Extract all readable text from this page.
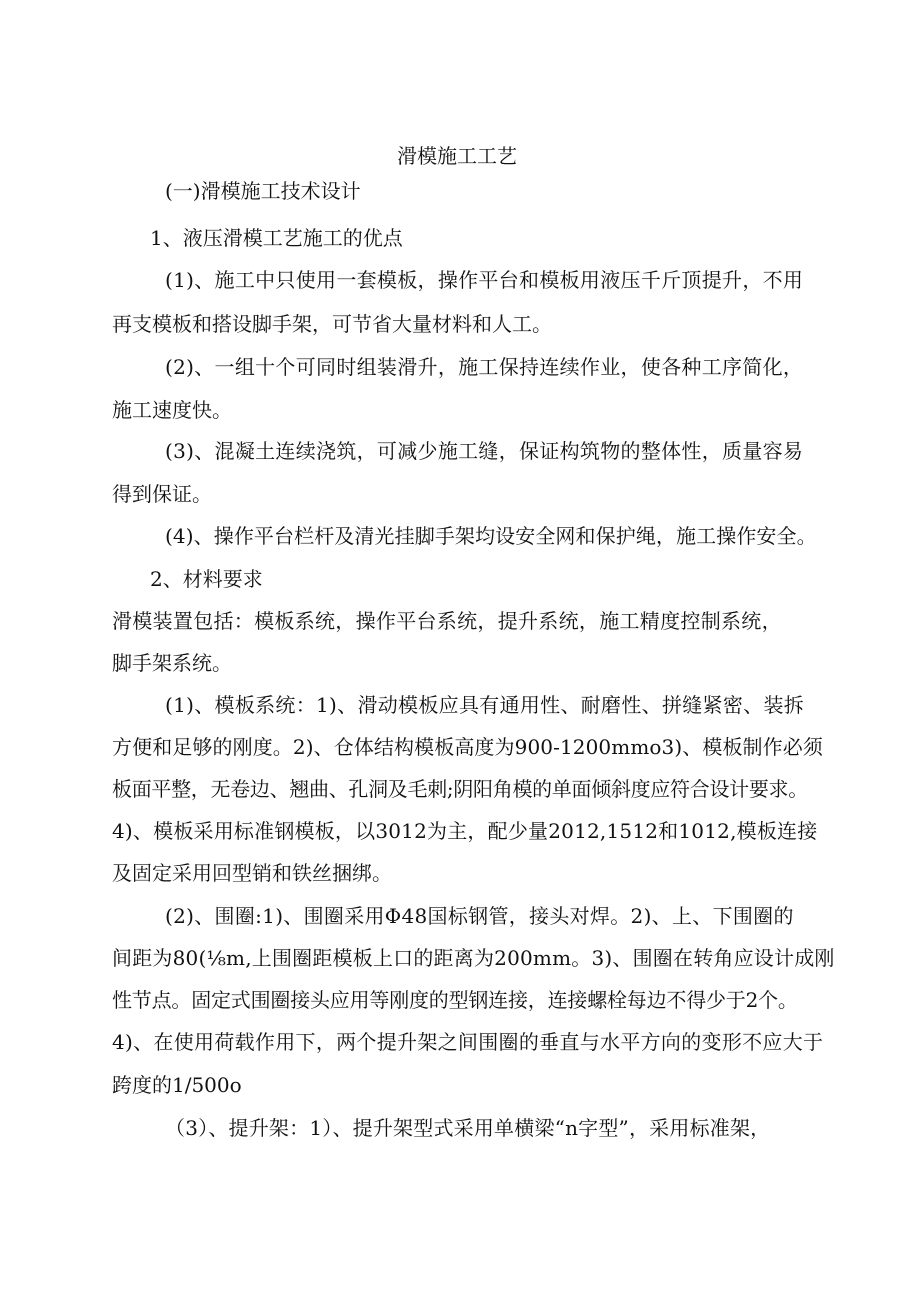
滑模施工工艺
(一)滑模施工技术设计
1、液压滑模工艺施工的优点
(1)、施工中只使用一套模板，操作平台和模板用液压千斤顶提升，不用
再支模板和搭设脚手架，可节省大量材料和人工。
(2)、一组十个可同时组装滑升，施工保持连续作业，使各种工序简化，
施工速度快。
(3)、混凝土连续浇筑，可减少施工缝，保证构筑物的整体性，质量容易
得到保证。
(4)、操作平台栏杆及清光挂脚手架均设安全网和保护绳，施工操作安全。
2、材料要求
滑模装置包括：模板系统，操作平台系统，提升系统，施工精度控制系统，
脚手架系统。
(1)、模板系统：1)、滑动模板应具有通用性、耐磨性、拼缝紧密、装拆
方便和足够的刚度。2)、仓体结构模板高度为900-1200mmo3)、模板制作必须
板面平整，无卷边、翘曲、孔洞及毛刺;阴阳角模的单面倾斜度应符合设计要求。
4)、模板采用标准钢模板，以3012为主，配少量2012,1512和1012,模板连接
及固定采用回型销和铁丝捆绑。
(2)、围圈:1)、围圈采用Φ48国标钢管，接头对焊。2)、上、下围圈的
间距为80(⅛m,上围圈距模板上口的距离为200mm。3)、围圈在转角应设计成刚
性节点。固定式围圈接头应用等刚度的型钢连接，连接螺栓每边不得少于2个。
4)、在使用荷载作用下，两个提升架之间围圈的垂直与水平方向的变形不应大于
跨度的1/500o
（3）、提升架：1）、提升架型式采用单横梁“n字型”，采用标准架，
